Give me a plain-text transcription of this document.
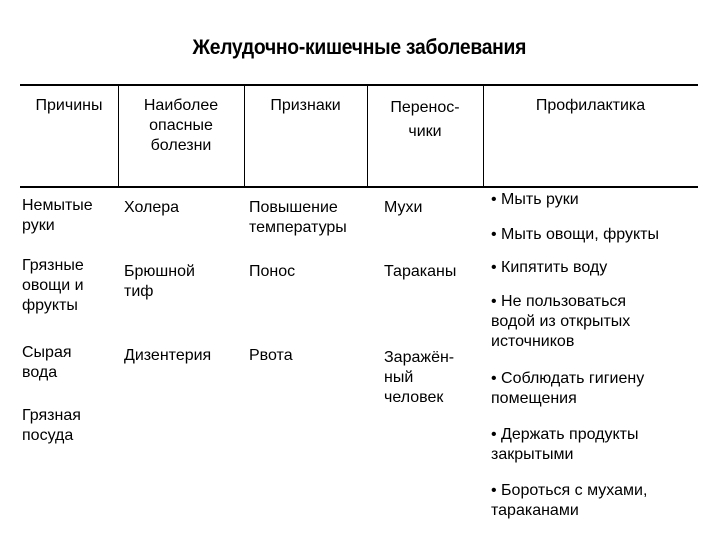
Желудочно-кишечные заболевания
Причины	Наиболее
опасные
болезни
Признаки	Перенос-
чики
Профилактика
Немытые
руки
Грязные
овощи и
фрукты
Сырая
вода
Грязная
посуда
Холера
Брюшной
тиф
Дизентерия
Повышение
температуры
Понос
Рвота
Мухи
Тараканы
Заражён-
ный
человек
• Мыть руки
• Мыть овощи, фрукты
• Кипятить воду
• Не пользоваться
водой из открытых
источников
• Соблюдать гигиену
помещения
• Держать продукты
закрытыми
• Бороться с мухами,
тараканами
